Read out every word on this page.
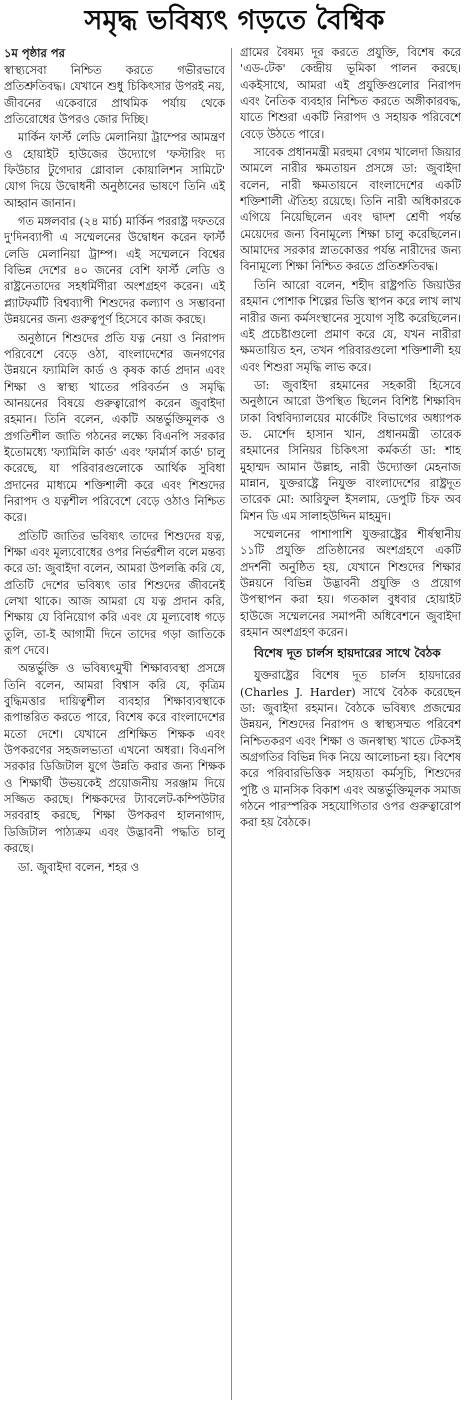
সমৃদ্ধ ভবিষ্যৎ গড়তে বৈশ্বিক

১ম পৃষ্ঠার পর

স্বাস্থ্যসেবা নিশ্চিত করতে গভীরভাবে প্রতিশ্রুতিবদ্ধ। যেখানে শুধু চিকিৎসার উপরই নয়, জীবনের একেবারে প্রাথমিক পর্যায় থেকে প্রতিরোধের উপরও জোর দিচ্ছি।

মার্কিন ফার্স্ট লেডি মেলানিয়া ট্রাম্পের আমন্ত্রণ ও হোয়াইট হাউজের উদ্যোগে 'ফস্টারিং দ্য ফিউচার টুগেদার গ্লোবাল কোয়ালিশন সামিটে' যোগ দিয়ে উদ্বোধনী অনুষ্ঠানের ভাষণে তিনি এই আহ্বান জানান।

গত মঙ্গলবার (২৪ মার্চ) মার্কিন পররাষ্ট্র দফতরে দু'দিনব্যাপী এ সম্মেলনের উদ্বোধন করেন ফার্স্ট লেডি মেলানিয়া ট্রাম্প। এই সম্মেলনে বিশ্বের বিভিন্ন দেশের ৪০ জনের বেশি ফার্স্ট লেডি ও রাষ্ট্রনেতাদের সহধর্মিণীরা অংশগ্রহণ করেন। এই প্ল্যাটফর্মটি বিশ্বব্যাপী শিশুদের কল্যাণ ও সম্ভাবনা উন্নয়নের জন্য গুরুত্বপূর্ণ হিসেবে কাজ করছে।

অনুষ্ঠানে শিশুদের প্রতি যত্ন নেয়া ও নিরাপদ পরিবেশে বেড়ে ওঠা, বাংলাদেশের জনগণের উন্নয়নে ফ্যামিলি কার্ড ও কৃষক কার্ড প্রদান এবং শিক্ষা ও স্বাস্থ্য খাতের পরিবর্তন ও সমৃদ্ধি আনয়নের বিষয়ে গুরুত্বারোপ করেন জুবাইদা রহমান। তিনি বলেন, একটি অন্তর্ভুক্তিমূলক ও প্রগতিশীল জাতি গঠনের লক্ষ্যে বিএনপি সরকার ইতোমধ্যে 'ফ্যামিলি কার্ড' এবং 'ফার্মার্স কার্ড' চালু করেছে, যা পরিবারগুলোকে আর্থিক সুবিধা প্রদানের মাধ্যমে শক্তিশালী করে এবং শিশুদের নিরাপদ ও যত্নশীল পরিবেশে বেড়ে ওঠাও নিশ্চিত করে।

প্রতিটি জাতির ভবিষ্যৎ তাদের শিশুদের যত্ন, শিক্ষা এবং মূল্যবোধের ওপর নির্ভরশীল বলে মন্তব্য করে ডা: জুবাইদা বলেন, আমরা উপলব্ধি করি যে, প্রতিটি দেশের ভবিষ্যৎ তার শিশুদের জীবনেই লেখা থাকে। আজ আমরা যে যত্ন প্রদান করি, শিক্ষায় যে বিনিয়োগ করি এবং যে মূল্যবোধ গড়ে তুলি, তা-ই আগামী দিনে তাদের গড়া জাতিকে রূপ দেবে।

অন্তর্ভুক্তি ও ভবিষ্যৎমুখী শিক্ষাব্যবস্থা প্রসঙ্গে তিনি বলেন, আমরা বিশ্বাস করি যে, কৃত্রিম বুদ্ধিমত্তার দায়িত্বশীল ব্যবহার শিক্ষাব্যবস্থাকে রূপান্তরিত করতে পারে, বিশেষ করে বাংলাদেশের মতো দেশে। যেখানে প্রশিক্ষিত শিক্ষক এবং উপকরণের সহজলভ্যতা এখনো অধরা। বিএনপি সরকার ডিজিটাল যুগে উন্নতি করার জন্য শিক্ষক ও শিক্ষার্থী উভয়কেই প্রয়োজনীয় সরঞ্জাম দিয়ে সজ্জিত করছে। শিক্ষকদের ট্যাবলেট-কম্পিউটার সরবরাহ করছে, শিক্ষা উপকরণ হালনাগাদ, ডিজিটাল পাঠ্যক্রম এবং উদ্ভাবনী পদ্ধতি চালু করছে।

ডা. জুবাইদা বলেন, শহর ও

গ্রামের বৈষম্য দূর করতে প্রযুক্তি, বিশেষ করে 'এড-টেক' কেন্দ্রীয় ভূমিকা পালন করছে। একইসাথে, আমরা এই প্রযুক্তিগুলোর নিরাপদ এবং নৈতিক ব্যবহার নিশ্চিত করতে অঙ্গীকারবদ্ধ, যাতে শিশুরা একটি নিরাপদ ও সহায়ক পরিবেশে বেড়ে উঠতে পারে।

সাবেক প্রধানমন্ত্রী মরহুমা বেগম খালেদা জিয়ার আমলে নারীর ক্ষমতায়ন প্রসঙ্গে ডা: জুবাইদা বলেন, নারী ক্ষমতায়নে বাংলাদেশের একটি শক্তিশালী ঐতিহ্য রয়েছে। তিনি নারী অধিকারকে এগিয়ে নিয়েছিলেন এবং দ্বাদশ শ্রেণী পর্যন্ত মেয়েদের জন্য বিনামূল্যে শিক্ষা চালু করেছিলেন। আমাদের সরকার স্নাতকোত্তর পর্যন্ত নারীদের জন্য বিনামূল্যে শিক্ষা নিশ্চিত করতে প্রতিশ্রুতিবদ্ধ।

তিনি আরো বলেন, শহীদ রাষ্ট্রপতি জিয়াউর রহমান পোশাক শিল্পের ভিত্তি স্থাপন করে লাখ লাখ নারীর জন্য কর্মসংস্থানের সুযোগ সৃষ্টি করেছিলেন। এই প্রচেষ্টাগুলো প্রমাণ করে যে, যখন নারীরা ক্ষমতায়িত হন, তখন পরিবারগুলো শক্তিশালী হয় এবং শিশুরা সমৃদ্ধি লাভ করে।

ডা: জুবাইদা রহমানের সহকারী হিসেবে অনুষ্ঠানে আরো উপস্থিত ছিলেন বিশিষ্ট শিক্ষাবিদ ঢাকা বিশ্ববিদ্যালয়ের মার্কেটিং বিভাগের অধ্যাপক ড. মোর্শেদ হাসান খান, প্রধানমন্ত্রী তারেক রহমানের সিনিয়র চিকিৎসা কর্মকর্তা ডা: শাহ মুহাম্মদ আমান উল্লাহ, নারী উদ্যোক্তা মেহনাজ মান্নান, যুক্তরাষ্ট্রে নিযুক্ত বাংলাদেশের রাষ্ট্রদূত তারেক মো: আরিফুল ইসলাম, ডেপুটি চিফ অব মিশন ডি এম সালাহউদ্দিন মাহমুদ।

সম্মেলনের পাশাপাশি যুক্তরাষ্ট্রের শীর্ষস্থানীয় ১১টি প্রযুক্তি প্রতিষ্ঠানের অংশগ্রহণে একটি প্রদর্শনী অনুষ্ঠিত হয়, যেখানে শিশুদের শিক্ষার উন্নয়নে বিভিন্ন উদ্ভাবনী প্রযুক্তি ও প্রয়োগ উপস্থাপন করা হয়। গতকাল বুধবার হোয়াইট হাউজে সম্মেলনের সমাপনী অধিবেশনে জুবাইদা রহমান অংশগ্রহণ করেন।

বিশেষ দূত চার্লস হায়দারের সাথে বৈঠক

যুক্তরাষ্ট্রের বিশেষ দূত চার্লস হায়দারের (Charles J. Harder) সাথে বৈঠক করেছেন ডা: জুবাইদা রহমান। বৈঠকে ভবিষ্যৎ প্রজন্মের উন্নয়ন, শিশুদের নিরাপদ ও স্বাস্থ্যসম্মত পরিবেশ নিশ্চিতকরণ এবং শিক্ষা ও জনস্বাস্থ্য খাতে টেকসই অগ্রগতির বিভিন্ন দিক নিয়ে আলোচনা হয়। বিশেষ করে পরিবারভিত্তিক সহায়তা কর্মসূচি, শিশুদের পুষ্টি ও মানসিক বিকাশ এবং অন্তর্ভুক্তিমূলক সমাজ গঠনে পারস্পরিক সহযোগিতার ওপর গুরুত্বারোপ করা হয় বৈঠকে।
